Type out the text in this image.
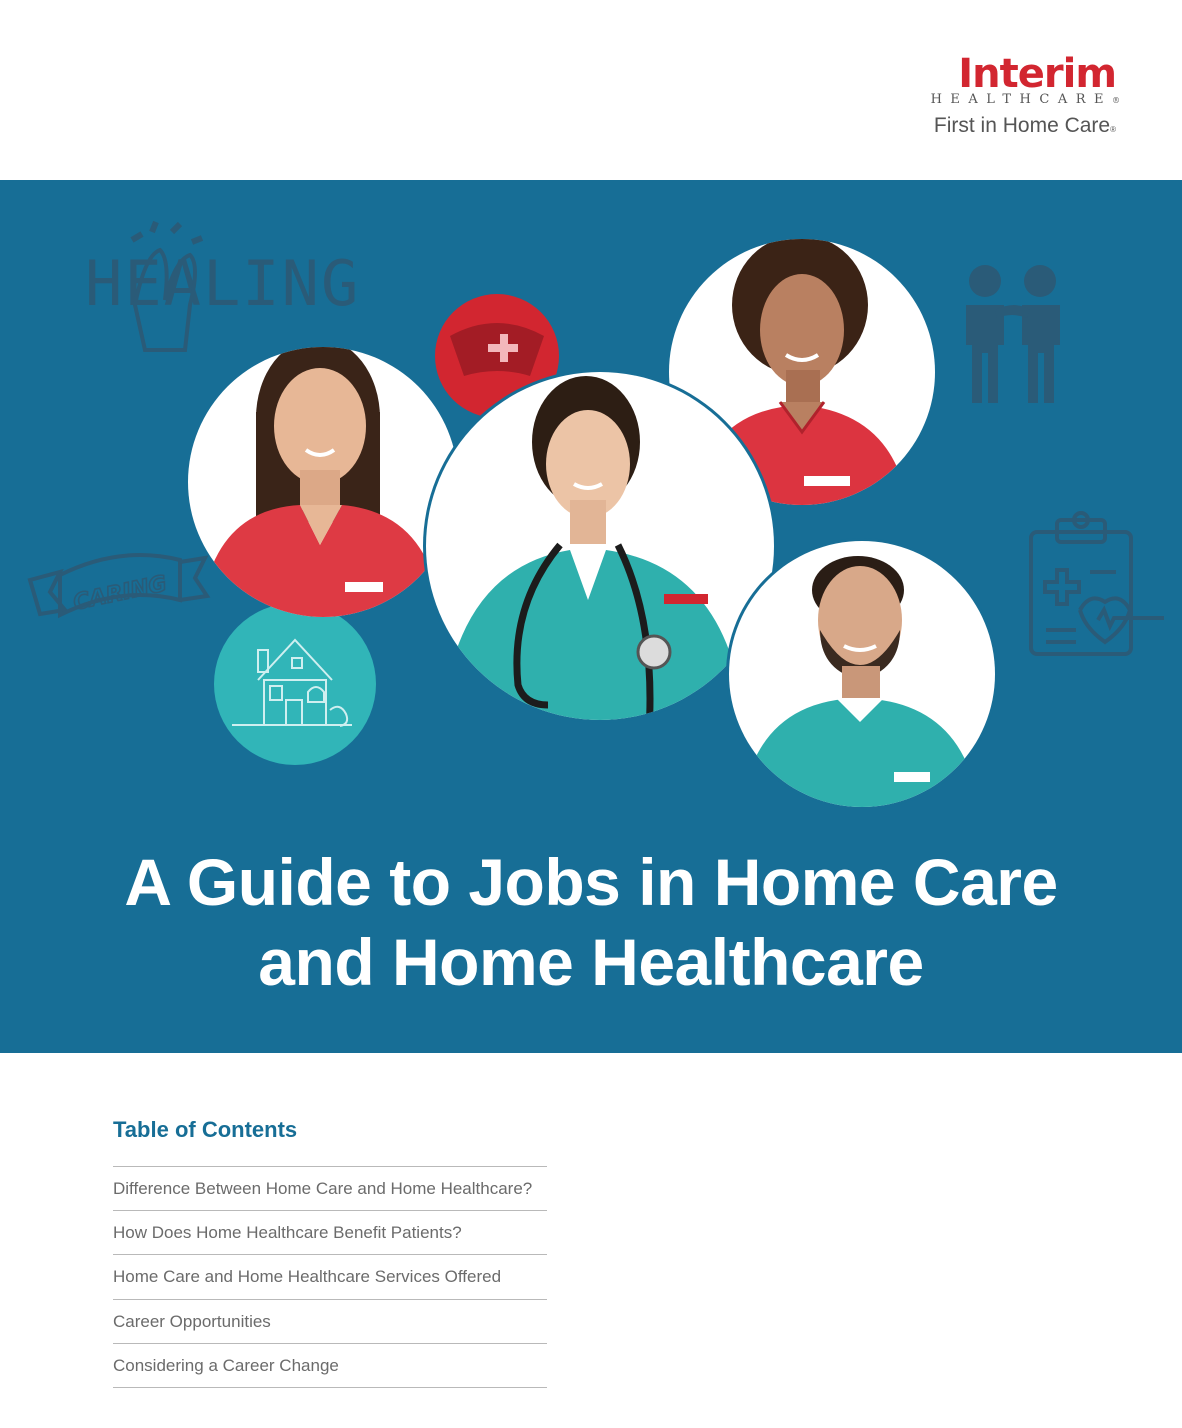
Interim
HEALTHCARE®
First in Home Care®
HEALING
CARING
A Guide to Jobs in Home Care
and Home Healthcare
Table of Contents
Difference Between Home Care and Home Healthcare?
How Does Home Healthcare Benefit Patients?
Home Care and Home Healthcare Services Offered
Career Opportunities
Considering a Career Change
